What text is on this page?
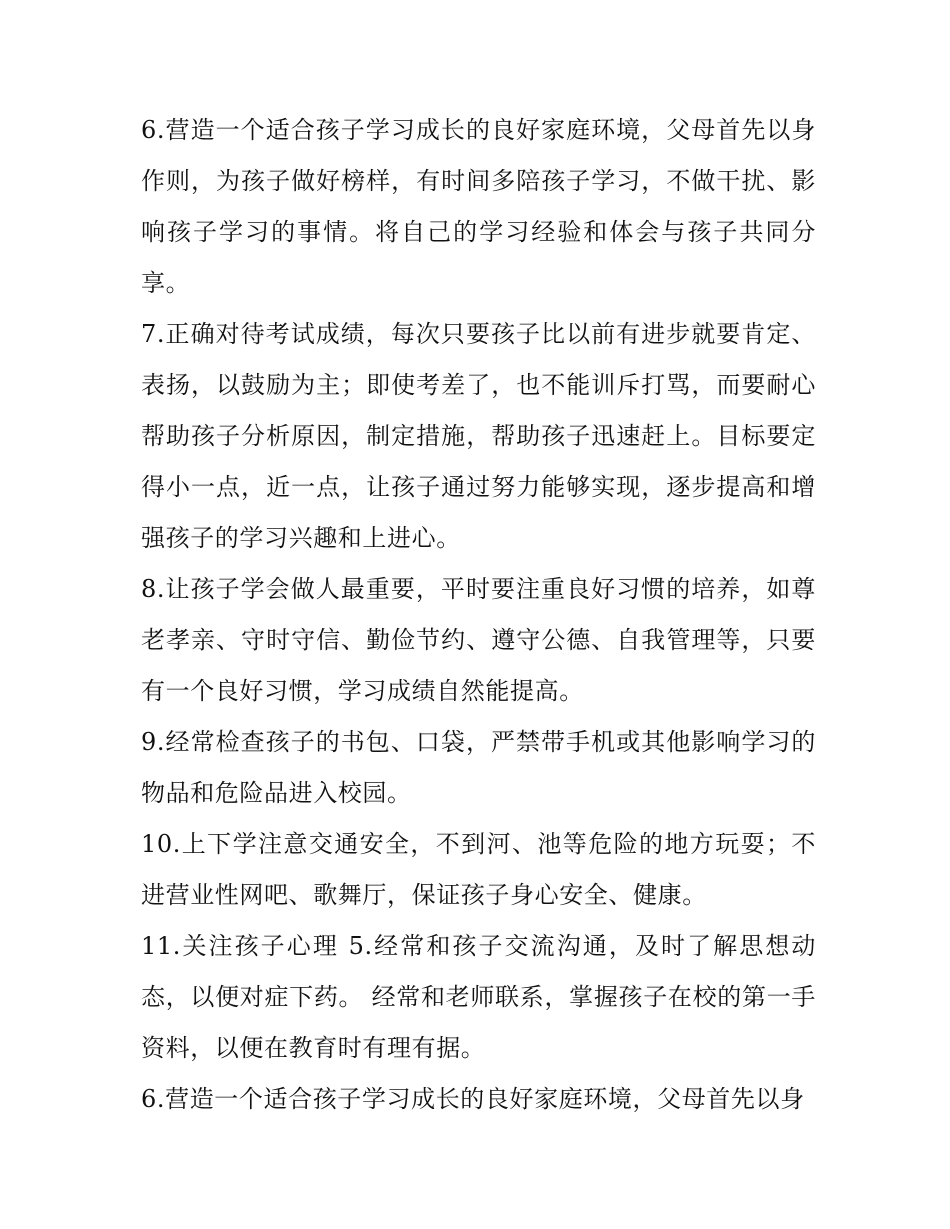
6.营造一个适合孩子学习成长的良好家庭环境，父母首先以身作则，为孩子做好榜样，有时间多陪孩子学习，不做干扰、影响孩子学习的事情。将自己的学习经验和体会与孩子共同分享。

7.正确对待考试成绩，每次只要孩子比以前有进步就要肯定、表扬，以鼓励为主；即使考差了，也不能训斥打骂，而要耐心帮助孩子分析原因，制定措施，帮助孩子迅速赶上。目标要定得小一点，近一点，让孩子通过努力能够实现，逐步提高和增强孩子的学习兴趣和上进心。

8.让孩子学会做人最重要，平时要注重良好习惯的培养，如尊老孝亲、守时守信、勤俭节约、遵守公德、自我管理等，只要有一个良好习惯，学习成绩自然能提高。

9.经常检查孩子的书包、口袋，严禁带手机或其他影响学习的物品和危险品进入校园。

10.上下学注意交通安全，不到河、池等危险的地方玩耍；不进营业性网吧、歌舞厅，保证孩子身心安全、健康。

11.关注孩子心理 5.经常和孩子交流沟通，及时了解思想动态，以便对症下药。 经常和老师联系，掌握孩子在校的第一手资料，以便在教育时有理有据。

6.营造一个适合孩子学习成长的良好家庭环境，父母首先以身
